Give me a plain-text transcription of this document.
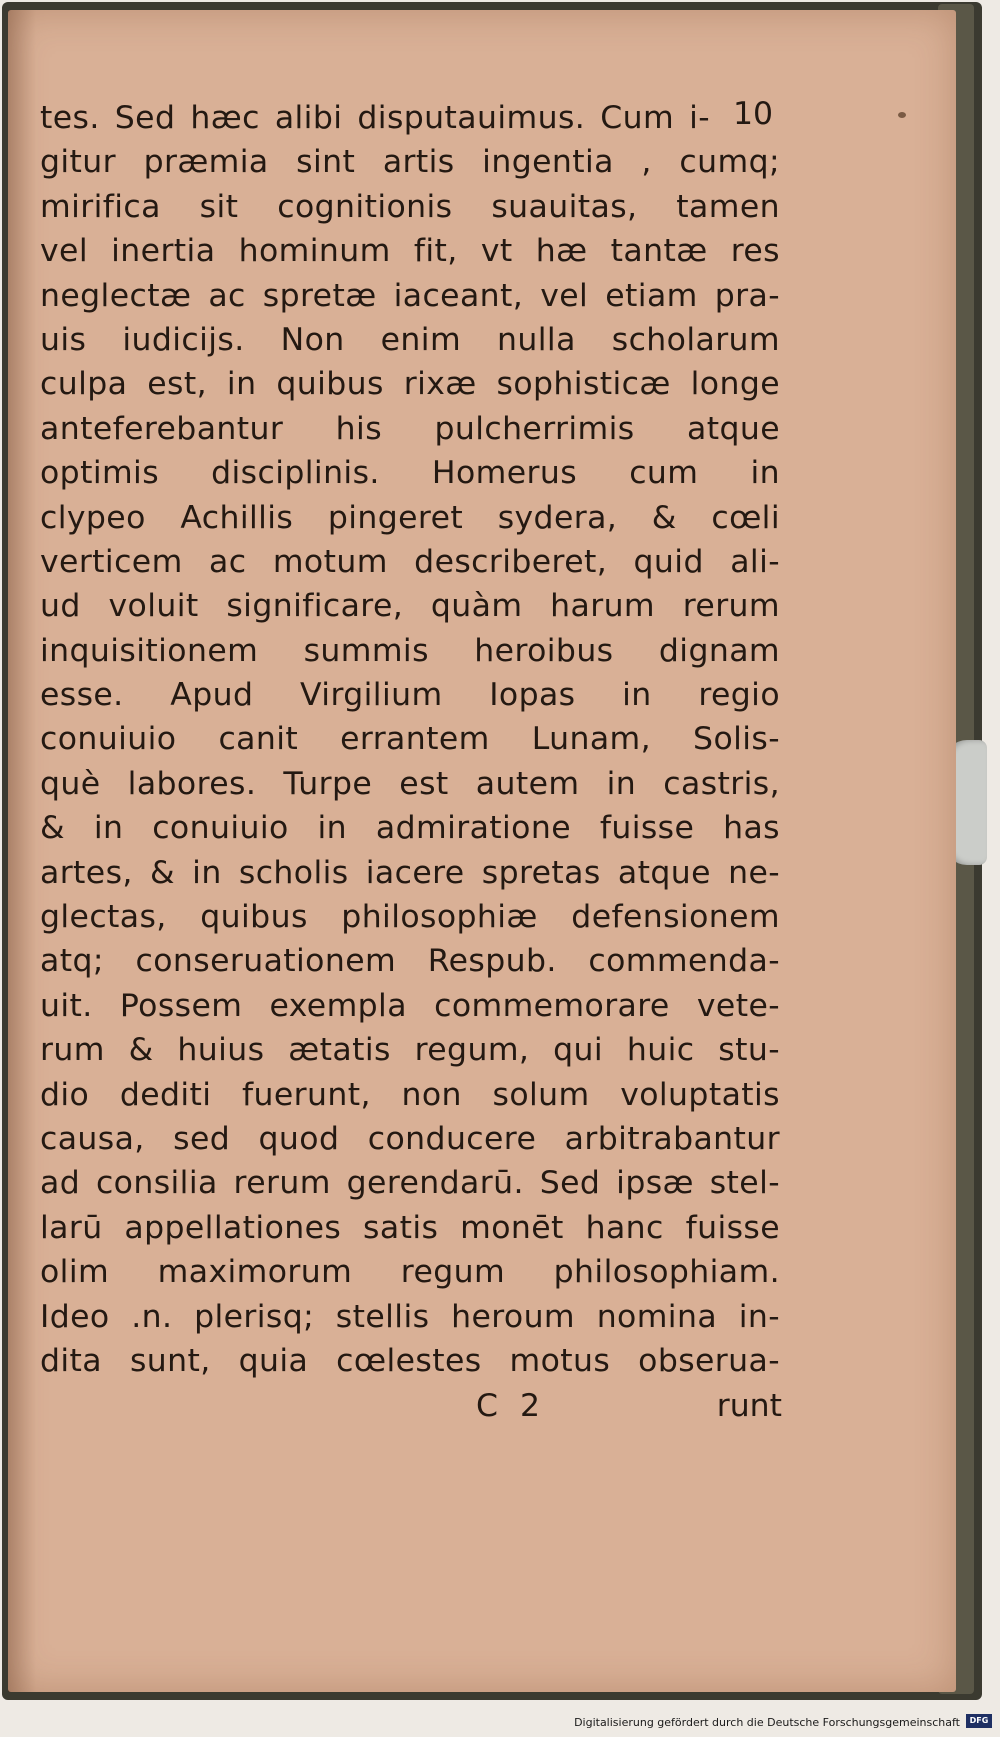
tes. Sed hæc alibi disputauimus. Cum i-
gitur præmia sint artis ingentia , cumq;
mirifica sit cognitionis suauitas, tamen
vel inertia hominum fit, vt hæ tantæ res
neglectæ ac spretæ iaceant, vel etiam pra-
uis iudicijs. Non enim nulla scholarum
culpa est, in quibus rixæ sophisticæ longe
anteferebantur his pulcherrimis atque
optimis disciplinis. Homerus cum in
clypeo Achillis pingeret sydera, & cœli
verticem ac motum describeret, quid ali-
ud voluit significare, quàm harum rerum
inquisitionem summis heroibus dignam
esse. Apud Virgilium Iopas in regio
conuiuio canit errantem Lunam, Solis-
què labores. Turpe est autem in castris,
& in conuiuio in admiratione fuisse has
artes, & in scholis iacere spretas atque ne-
glectas, quibus philosophiæ defensionem
atq; conseruationem Respub. commenda-
uit. Possem exempla commemorare vete-
rum & huius ætatis regum, qui huic stu-
dio dediti fuerunt, non solum voluptatis
causa, sed quod conducere arbitrabantur
ad consilia rerum gerendarū. Sed ipsæ stel-
larū appellationes satis monēt hanc fuisse
olim maximorum regum philosophiam.
Ideo .n. plerisq; stellis heroum nomina in-
dita sunt, quia cœlestes motus obserua-
10
C 2	runt
Digitalisierung gefördert durch die Deutsche Forschungsgemeinschaft	DFG
